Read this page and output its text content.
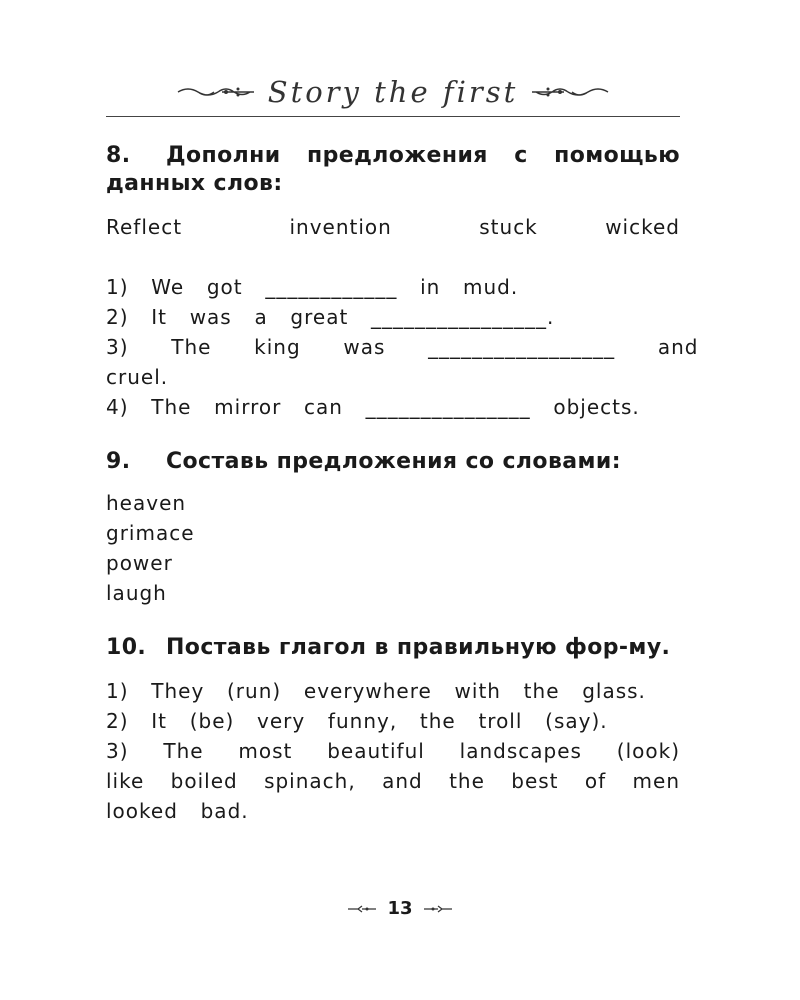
Story the first
8. Дополни предложения с помощью данных слов:
Reflect	invention	stuck	wicked
1)  We  got  ____________  in  mud.
2)  It  was  a  great  ________________.
3)  The  king  was  _________________  and
cruel.
4)  The  mirror  can  _______________  objects.
9. Составь предложения со словами:
heaven
grimace
power
laugh
10. Поставь глагол в правильную фор-му.
1)  They  (run)  everywhere  with  the  glass.
2)  It  (be)  very  funny,  the  troll  (say).
3)  The  most  beautiful  landscapes  (look)
like  boiled  spinach,  and  the  best  of  men
looked  bad.
13
